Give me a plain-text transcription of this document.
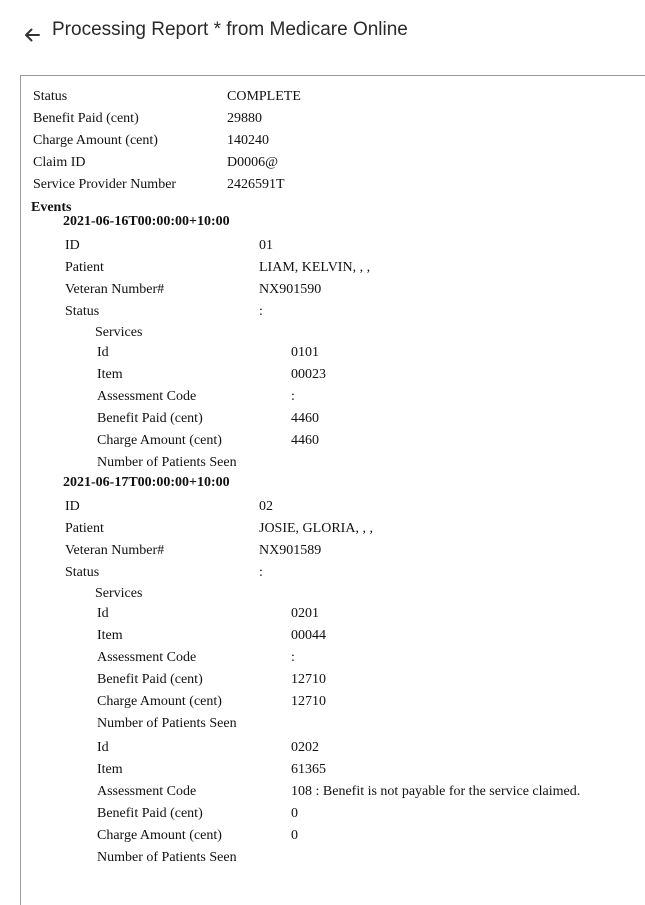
Processing Report * from Medicare Online
Status	COMPLETE
Benefit Paid (cent)	29880
Charge Amount (cent)	140240
Claim ID	D0006@
Service Provider Number	2426591T
Events
2021-06-16T00:00:00+10:00
ID	01
Patient	LIAM, KELVIN, , ,
Veteran Number#	NX901590
Status	:
Services
Id	0101
Item	00023
Assessment Code	:
Benefit Paid (cent)	4460
Charge Amount (cent)	4460
Number of Patients Seen
2021-06-17T00:00:00+10:00
ID	02
Patient	JOSIE, GLORIA, , ,
Veteran Number#	NX901589
Status	:
Services
Id	0201
Item	00044
Assessment Code	:
Benefit Paid (cent)	12710
Charge Amount (cent)	12710
Number of Patients Seen
Id	0202
Item	61365
Assessment Code	108 : Benefit is not payable for the service claimed.
Benefit Paid (cent)	0
Charge Amount (cent)	0
Number of Patients Seen
